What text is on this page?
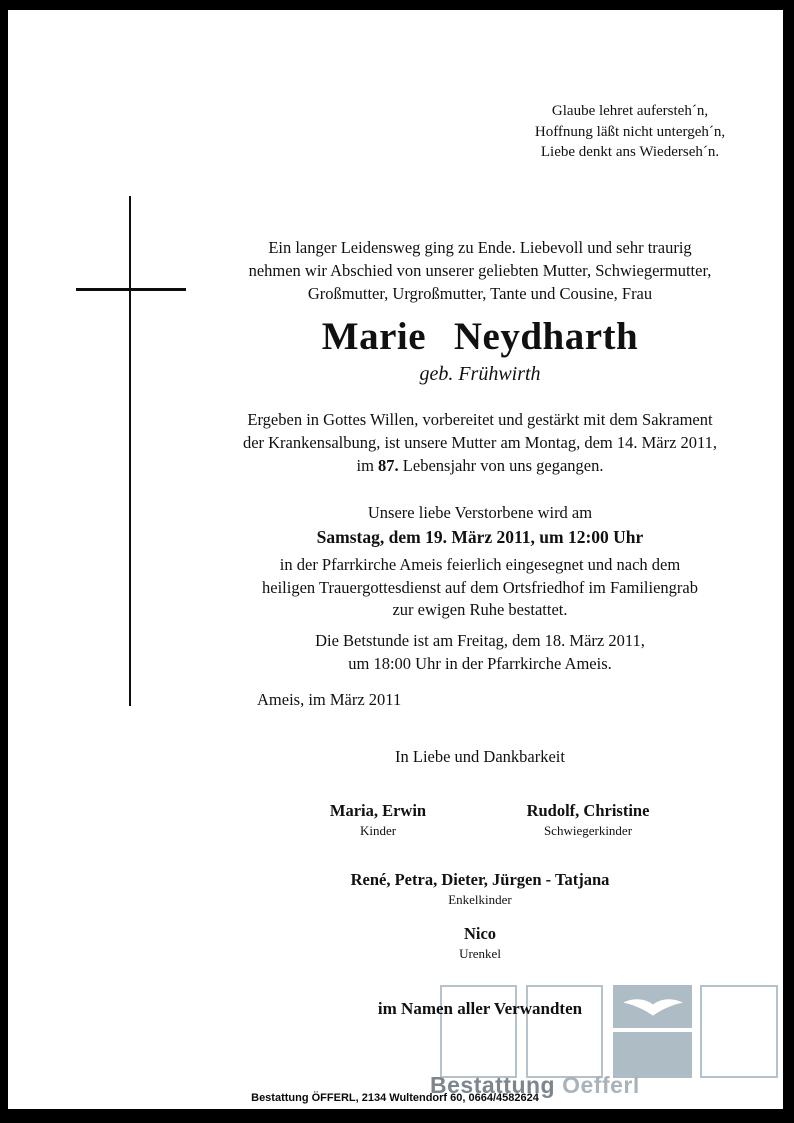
Glaube lehret aufersteh´n,
Hoffnung läßt nicht untergeh´n,
Liebe denkt ans Wiederseh´n.
Ein langer Leidensweg ging zu Ende. Liebevoll und sehr traurig
nehmen wir Abschied von unserer geliebten Mutter, Schwiegermutter,
Großmutter, Urgroßmutter, Tante und Cousine, Frau
Marie Neydharth
geb. Frühwirth
Ergeben in Gottes Willen, vorbereitet und gestärkt mit dem Sakrament
der Krankensalbung, ist unsere Mutter am Montag, dem 14. März 2011,
im 87. Lebensjahr von uns gegangen.
Unsere liebe Verstorbene wird am
Samstag, dem 19. März 2011, um 12:00 Uhr
in der Pfarrkirche Ameis feierlich eingesegnet und nach dem
heiligen Trauergottesdienst auf dem Ortsfriedhof im Familiengrab
zur ewigen Ruhe bestattet.
Die Betstunde ist am Freitag, dem 18. März 2011,
um 18:00 Uhr in der Pfarrkirche Ameis.
Ameis, im März 2011
In Liebe und Dankbarkeit
Maria, Erwin
Kinder
Rudolf, Christine
Schwiegerkinder
René, Petra, Dieter, Jürgen - Tatjana
Enkelkinder
Nico
Urenkel
im Namen aller Verwandten
Bestattung Oefferl
Bestattung ÖFFERL, 2134 Wultendorf 60, 0664/4582624
